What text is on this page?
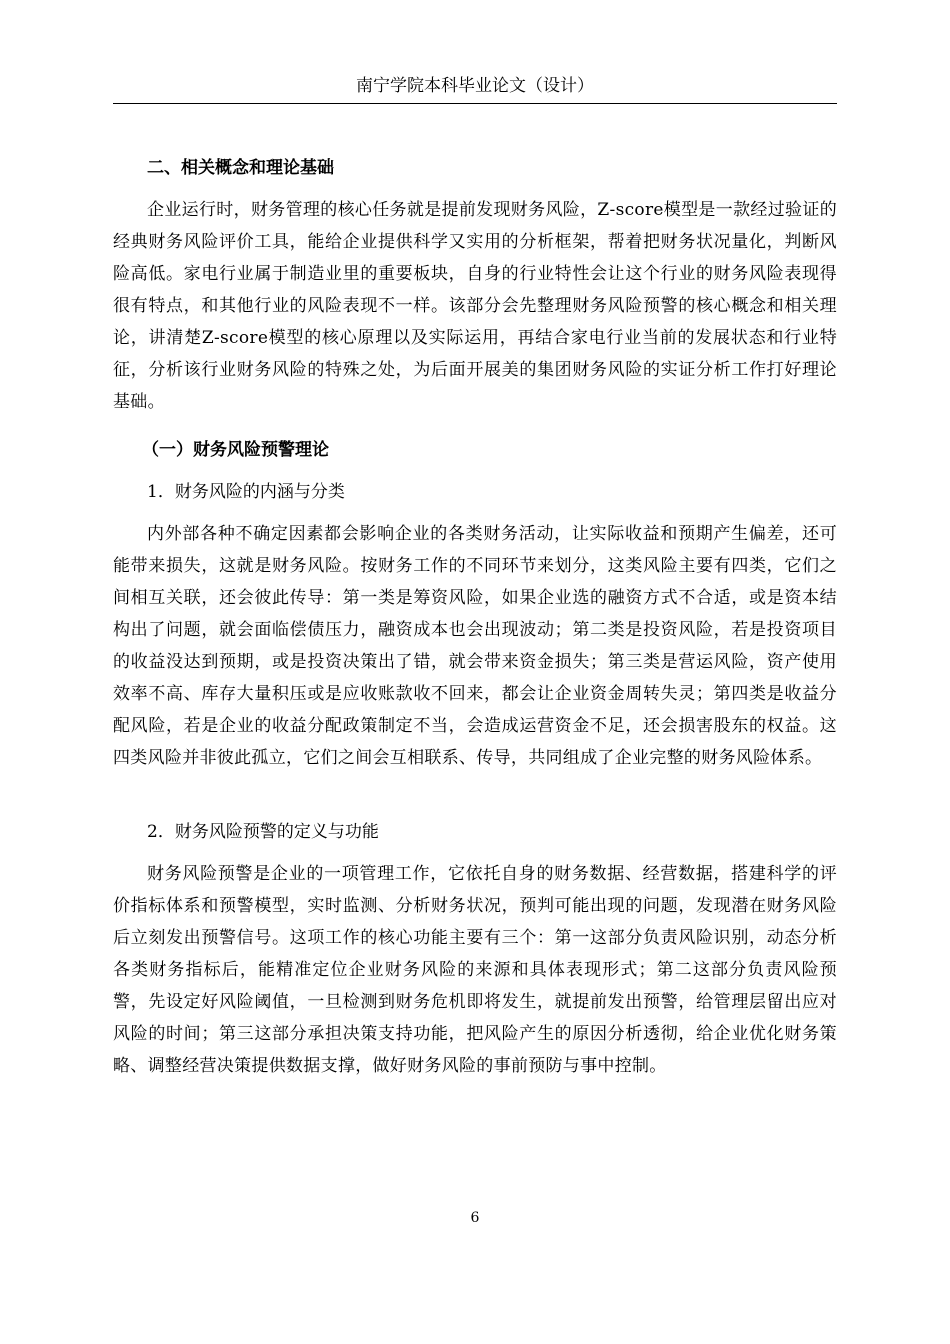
南宁学院本科毕业论文（设计）

二、相关概念和理论基础

企业运行时，财务管理的核心任务就是提前发现财务风险，Z-score模型是一款经过验证的经典财务风险评价工具，能给企业提供科学又实用的分析框架，帮着把财务状况量化，判断风险高低。家电行业属于制造业里的重要板块，自身的行业特性会让这个行业的财务风险表现得很有特点，和其他行业的风险表现不一样。该部分会先整理财务风险预警的核心概念和相关理论，讲清楚Z-score模型的核心原理以及实际运用，再结合家电行业当前的发展状态和行业特征，分析该行业财务风险的特殊之处，为后面开展美的集团财务风险的实证分析工作打好理论基础。

（一）财务风险预警理论

1．财务风险的内涵与分类

内外部各种不确定因素都会影响企业的各类财务活动，让实际收益和预期产生偏差，还可能带来损失，这就是财务风险。按财务工作的不同环节来划分，这类风险主要有四类，它们之间相互关联，还会彼此传导：第一类是筹资风险，如果企业选的融资方式不合适，或是资本结构出了问题，就会面临偿债压力，融资成本也会出现波动；第二类是投资风险，若是投资项目的收益没达到预期，或是投资决策出了错，就会带来资金损失；第三类是营运风险，资产使用效率不高、库存大量积压或是应收账款收不回来，都会让企业资金周转失灵；第四类是收益分配风险，若是企业的收益分配政策制定不当，会造成运营资金不足，还会损害股东的权益。这四类风险并非彼此孤立，它们之间会互相联系、传导，共同组成了企业完整的财务风险体系。

2．财务风险预警的定义与功能

财务风险预警是企业的一项管理工作，它依托自身的财务数据、经营数据，搭建科学的评价指标体系和预警模型，实时监测、分析财务状况，预判可能出现的问题，发现潜在财务风险后立刻发出预警信号。这项工作的核心功能主要有三个：第一这部分负责风险识别，动态分析各类财务指标后，能精准定位企业财务风险的来源和具体表现形式；第二这部分负责风险预警，先设定好风险阈值，一旦检测到财务危机即将发生，就提前发出预警，给管理层留出应对风险的时间；第三这部分承担决策支持功能，把风险产生的原因分析透彻，给企业优化财务策略、调整经营决策提供数据支撑，做好财务风险的事前预防与事中控制。

6
